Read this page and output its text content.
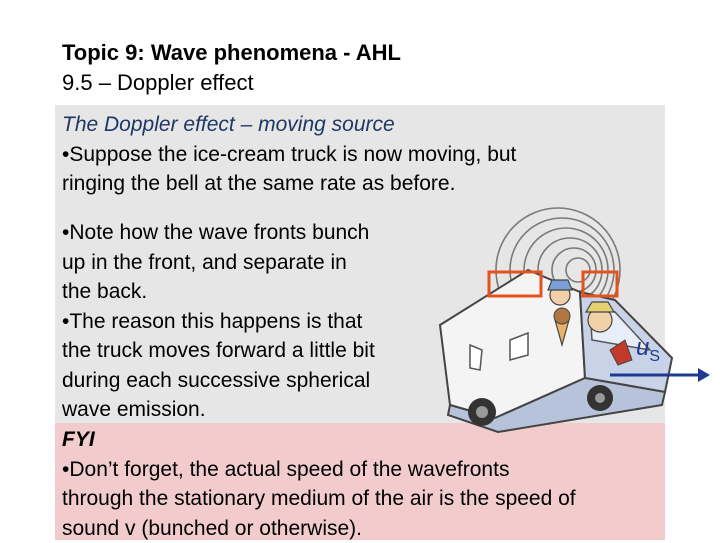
Topic 9: Wave phenomena - AHL
9.5 – Doppler effect
The Doppler effect – moving source
•Suppose the ice-cream truck is now moving, but
ringing the bell at the same rate as before.
•Note how the wave fronts bunch
up in the front, and separate in
the back.
•The reason this happens is that
the truck moves forward a little bit
during each successive spherical
wave emission.
$u_S$
FYI
•Don’t forget, the actual speed of the wavefronts
through the stationary medium of the air is the speed of
sound v (bunched or otherwise).
